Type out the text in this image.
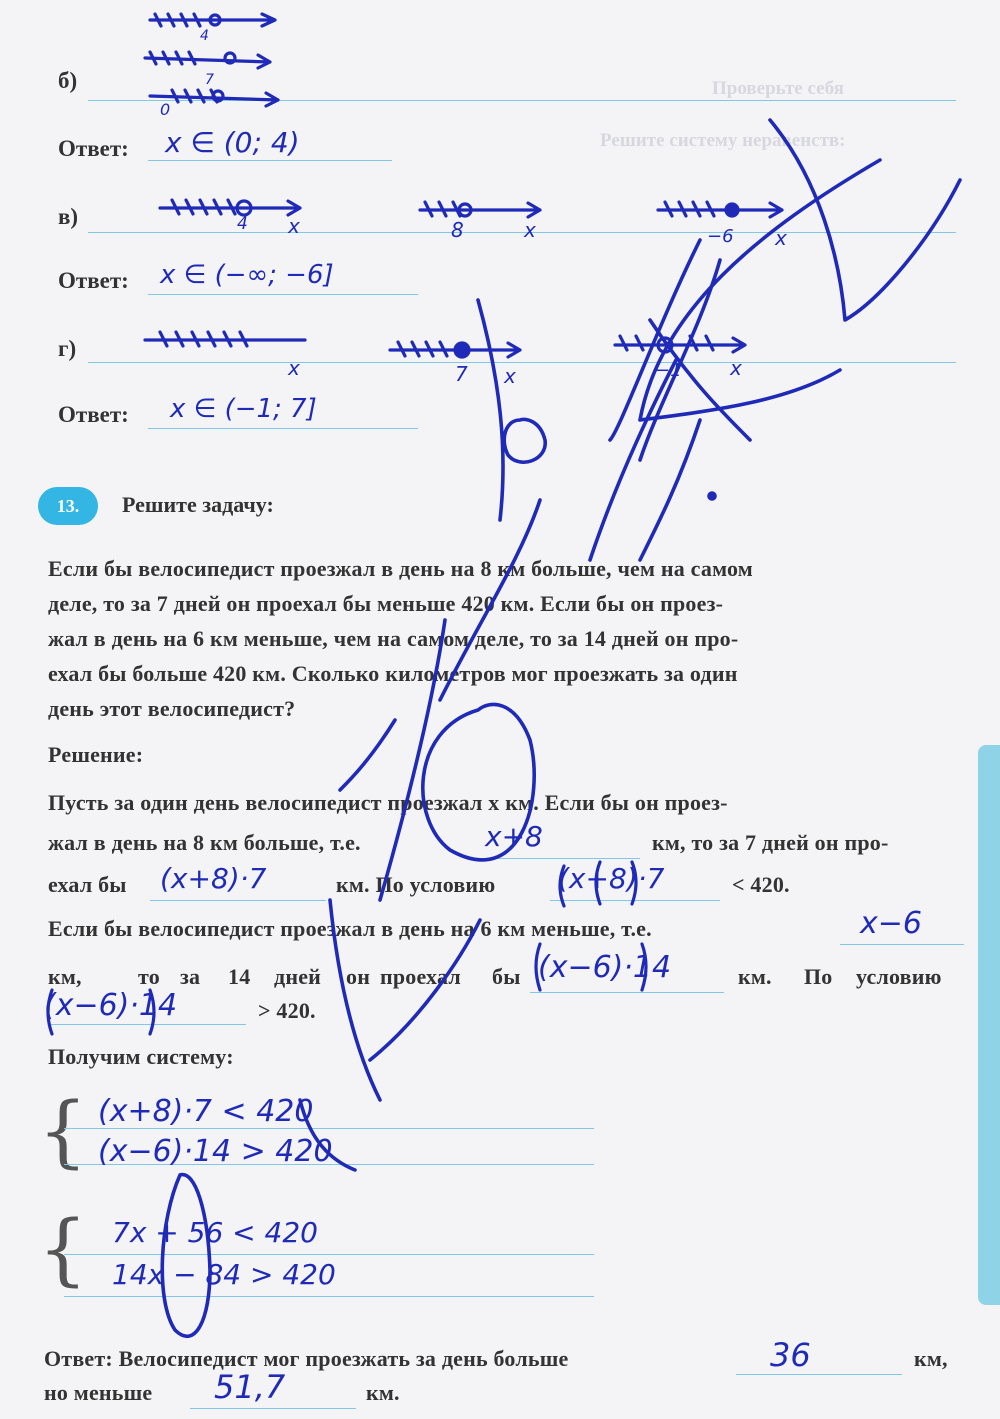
Проверьте себя
Решите систему неравенств:
б)
0
4
7
Ответ: x ∈ (0; 4)
в)	4 x	8	x	−6 x
Ответ: x ∈ (−∞; −6]
г)
x	7 x	−1 x
Ответ: x ∈ (−1; 7]
13.	Решите задачу:
Если бы велосипедист проезжал в день на 8 км больше, чем на самом
деле, то за 7 дней он проехал бы меньше 420 км. Если бы он проез-
жал в день на 6 км меньше, чем на самом деле, то за 14 дней он про-
ехал бы больше 420 км. Сколько километров мог проезжать за один
день этот велосипедист?
Решение:
Пусть за один день велосипедист проезжал x км. Если бы он проез-
жал в день на 8 км больше, т.е.	x+8	км, то за 7 дней он про-
ехал бы (x+8)·7	км. По условию (x+8)·7	< 420.
Если бы велосипедист проезжал в день на 6 км меньше, т.е.	x−6
км,	то за 14 дней он проехал бы (x−6)·14	км. По условию
(x−6)·14	> 420.
Получим систему:
{ (x+8)·7 < 420
(x−6)·14 > 420
{ 7x + 56 < 420
14x − 84 > 420
Ответ: Велосипедист мог проезжать за день больше	36	км,
но меньше 51,7	км.
